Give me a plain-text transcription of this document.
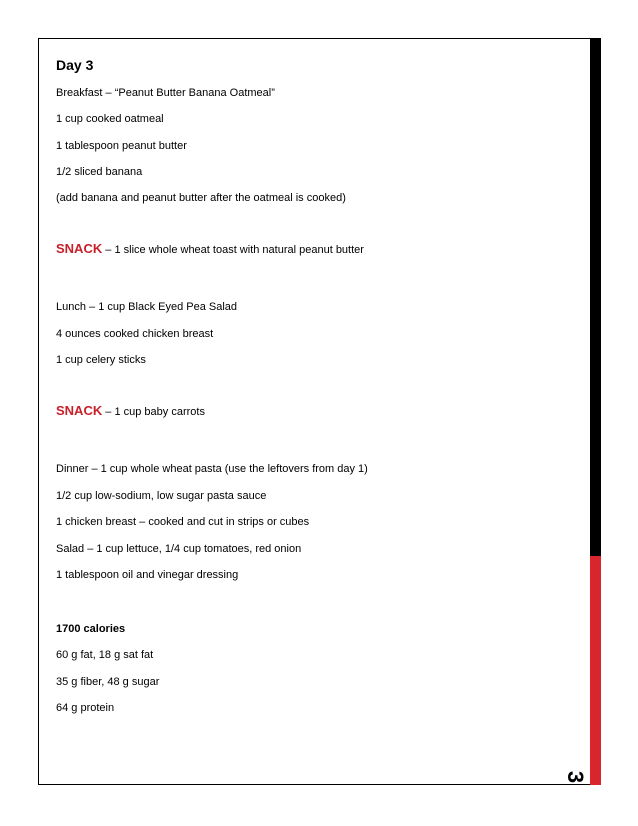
3
Day 3
Breakfast – “Peanut Butter Banana Oatmeal”
1 cup cooked oatmeal
1 tablespoon peanut butter
1/2 sliced banana
(add banana and peanut butter after the oatmeal is cooked)
SNACK – 1 slice whole wheat toast with natural peanut butter
Lunch – 1 cup Black Eyed Pea Salad
4 ounces cooked chicken breast
1 cup celery sticks
SNACK – 1 cup baby carrots
Dinner – 1 cup whole wheat pasta (use the leftovers from day 1)
1/2 cup low-sodium, low sugar pasta sauce
1 chicken breast – cooked and cut in strips or cubes
Salad – 1 cup lettuce, 1/4 cup tomatoes, red onion
1 tablespoon oil and vinegar dressing
1700 calories
60 g fat, 18 g sat fat
35 g fiber, 48 g sugar
64 g protein
